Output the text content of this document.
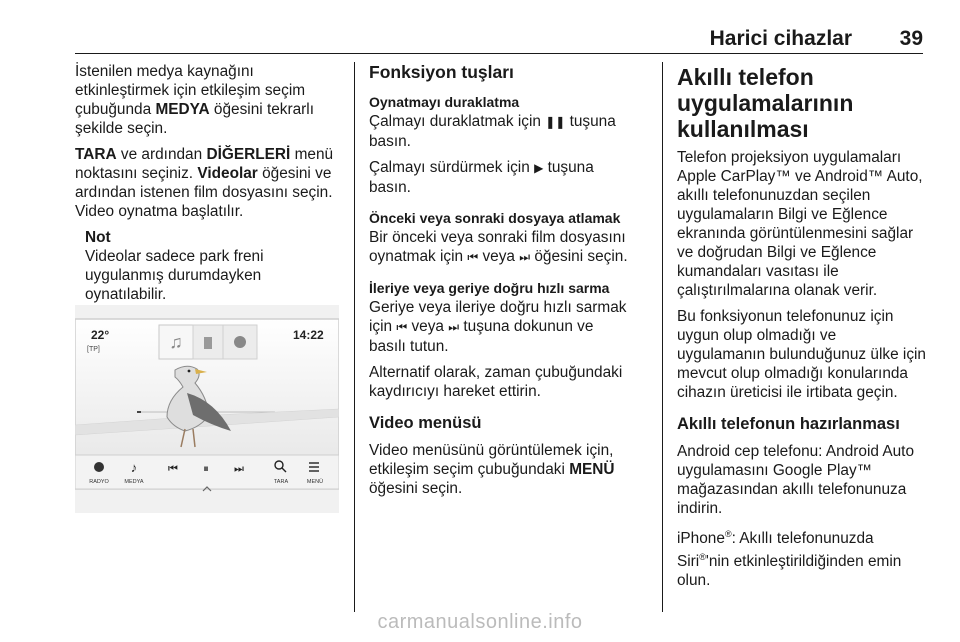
Harici cihazlar 39

İstenilen medya kaynağını etkinleştirmek için etkileşim seçim çubuğunda MEDYA öğesini tekrarlı şekilde seçin.

TARA ve ardından DİĞERLERİ menü noktasını seçiniz. Videolar öğesini ve ardından istenen film dosyasını seçin. Video oynatma başlatılır.

Not
Videolar sadece park freni uygulanmış durumdayken oynatılabilir.
♫
22°
[TP]
14:22
RADYO
♪
MEDYA
⏮ ⏸ ⏭
TARA	MENÜ
Fonksiyon tuşları
Oynatmayı duraklatma

Çalmayı duraklatmak için ❚❚ tuşuna basın.

Çalmayı sürdürmek için ▶ tuşuna basın.

Önceki veya sonraki dosyaya atlamak

Bir önceki veya sonraki film dosyasını oynatmak için ⏮ veya ⏭ öğesini seçin.

İleriye veya geriye doğru hızlı sarma

Geriye veya ileriye doğru hızlı sarmak için ⏮ veya ⏭ tuşuna dokunun ve basılı tutun.

Alternatif olarak, zaman çubuğundaki kaydırıcıyı hareket ettirin.

Video menüsü

Video menüsünü görüntülemek için, etkileşim seçim çubuğundaki MENÜ öğesini seçin.

Akıllı telefon uygulamalarının kullanılması

Telefon projeksiyon uygulamaları Apple CarPlay™ ve Android™ Auto, akıllı telefonunuzdan seçilen uygulamaların Bilgi ve Eğlence ekranında görüntülenmesini sağlar ve doğrudan Bilgi ve Eğlence kumandaları vasıtası ile çalıştırılmalarına olanak verir.

Bu fonksiyonun telefonunuz için uygun olup olmadığı ve uygulamanın bulunduğunuz ülke için mevcut olup olmadığı konularında cihazın üreticisi ile irtibata geçin.

Akıllı telefonun hazırlanması

Android cep telefonu: Android Auto uygulamasını Google Play™ mağazasından akıllı telefonunuza indirin.

iPhone®: Akıllı telefonunuzda Siri®'nin etkinleştirildiğinden emin olun.

carmanualsonline.info
